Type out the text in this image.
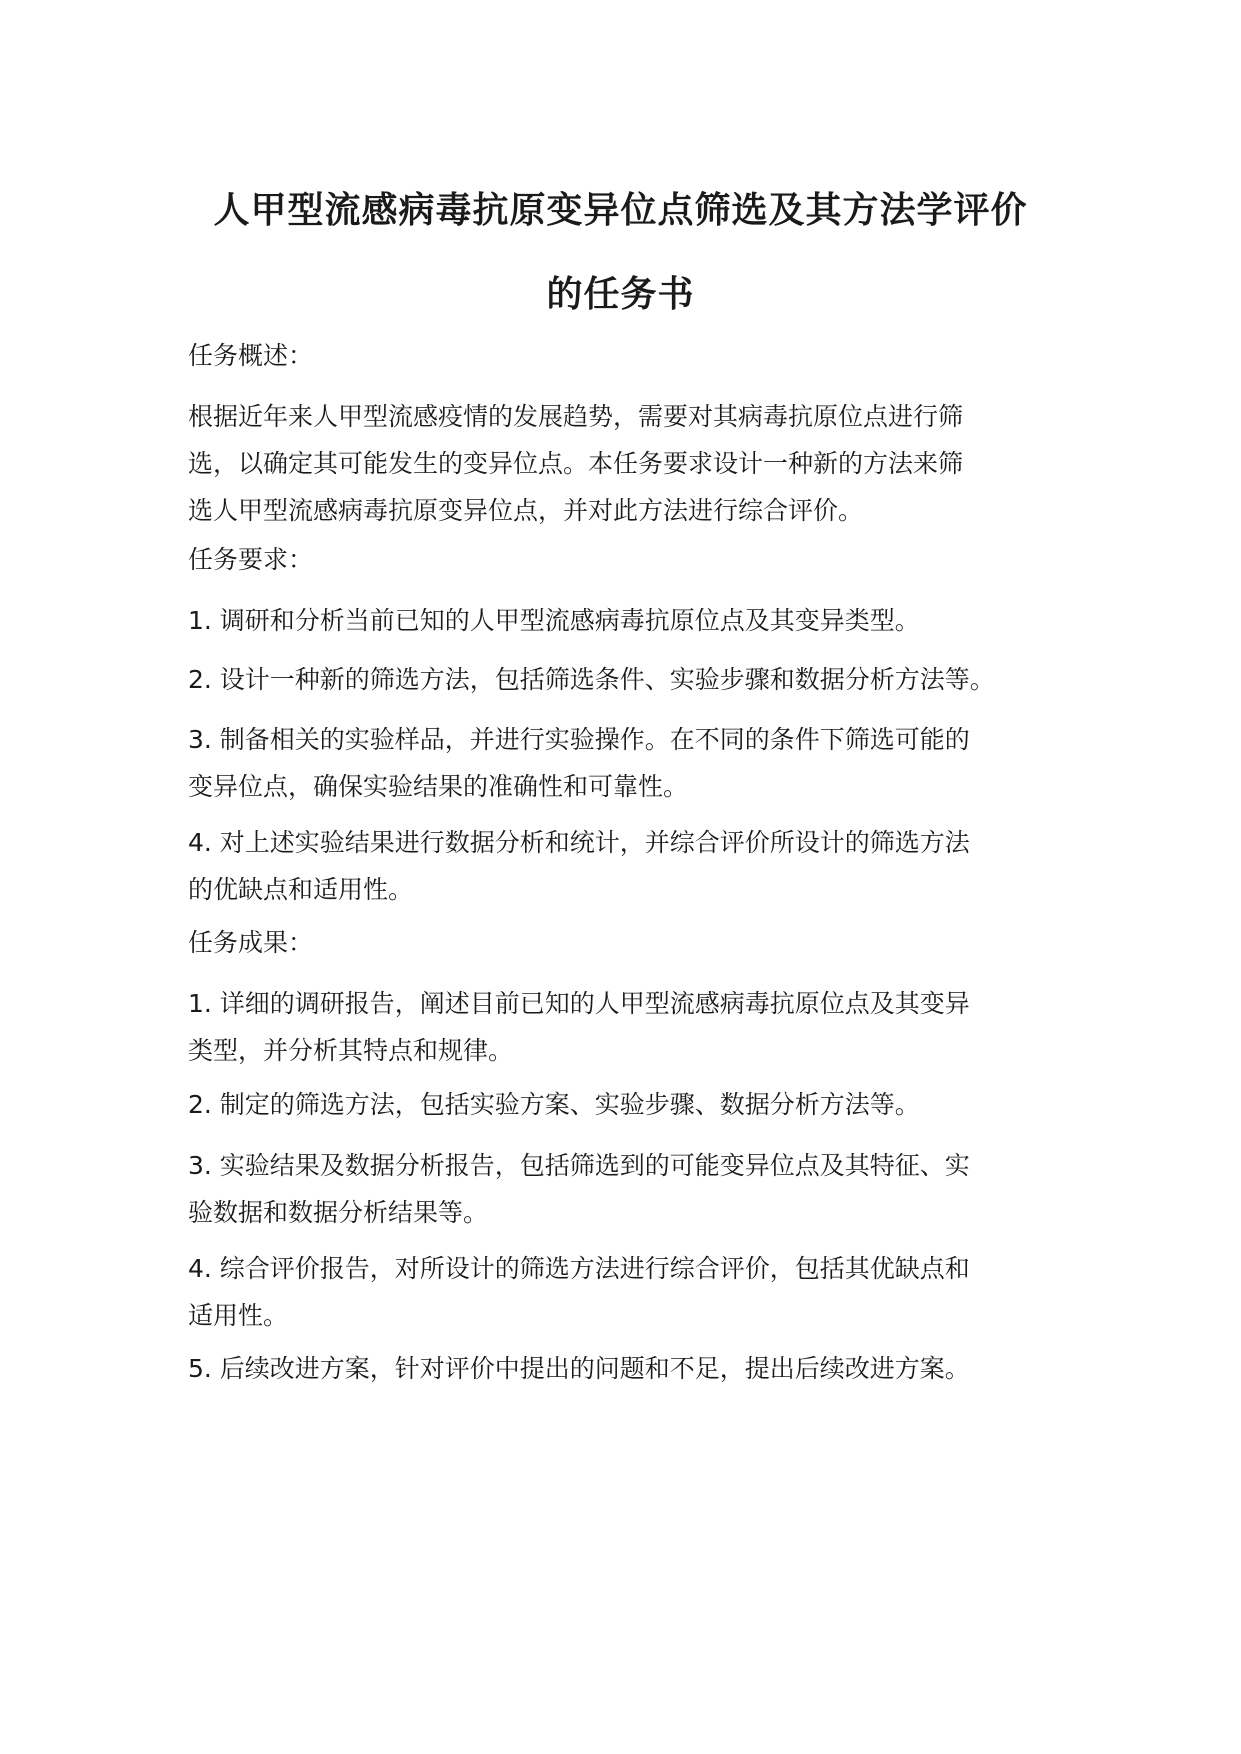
人甲型流感病毒抗原变异位点筛选及其方法学评价
的任务书

任务概述：

根据近年来人甲型流感疫情的发展趋势，需要对其病毒抗原位点进行筛
选，以确定其可能发生的变异位点。本任务要求设计一种新的方法来筛
选人甲型流感病毒抗原变异位点，并对此方法进行综合评价。

任务要求：

1. 调研和分析当前已知的人甲型流感病毒抗原位点及其变异类型。

2. 设计一种新的筛选方法，包括筛选条件、实验步骤和数据分析方法等。

3. 制备相关的实验样品，并进行实验操作。在不同的条件下筛选可能的
变异位点，确保实验结果的准确性和可靠性。

4. 对上述实验结果进行数据分析和统计，并综合评价所设计的筛选方法
的优缺点和适用性。

任务成果：

1. 详细的调研报告，阐述目前已知的人甲型流感病毒抗原位点及其变异
类型，并分析其特点和规律。

2. 制定的筛选方法，包括实验方案、实验步骤、数据分析方法等。

3. 实验结果及数据分析报告，包括筛选到的可能变异位点及其特征、实
验数据和数据分析结果等。

4. 综合评价报告，对所设计的筛选方法进行综合评价，包括其优缺点和
适用性。

5. 后续改进方案，针对评价中提出的问题和不足，提出后续改进方案。
